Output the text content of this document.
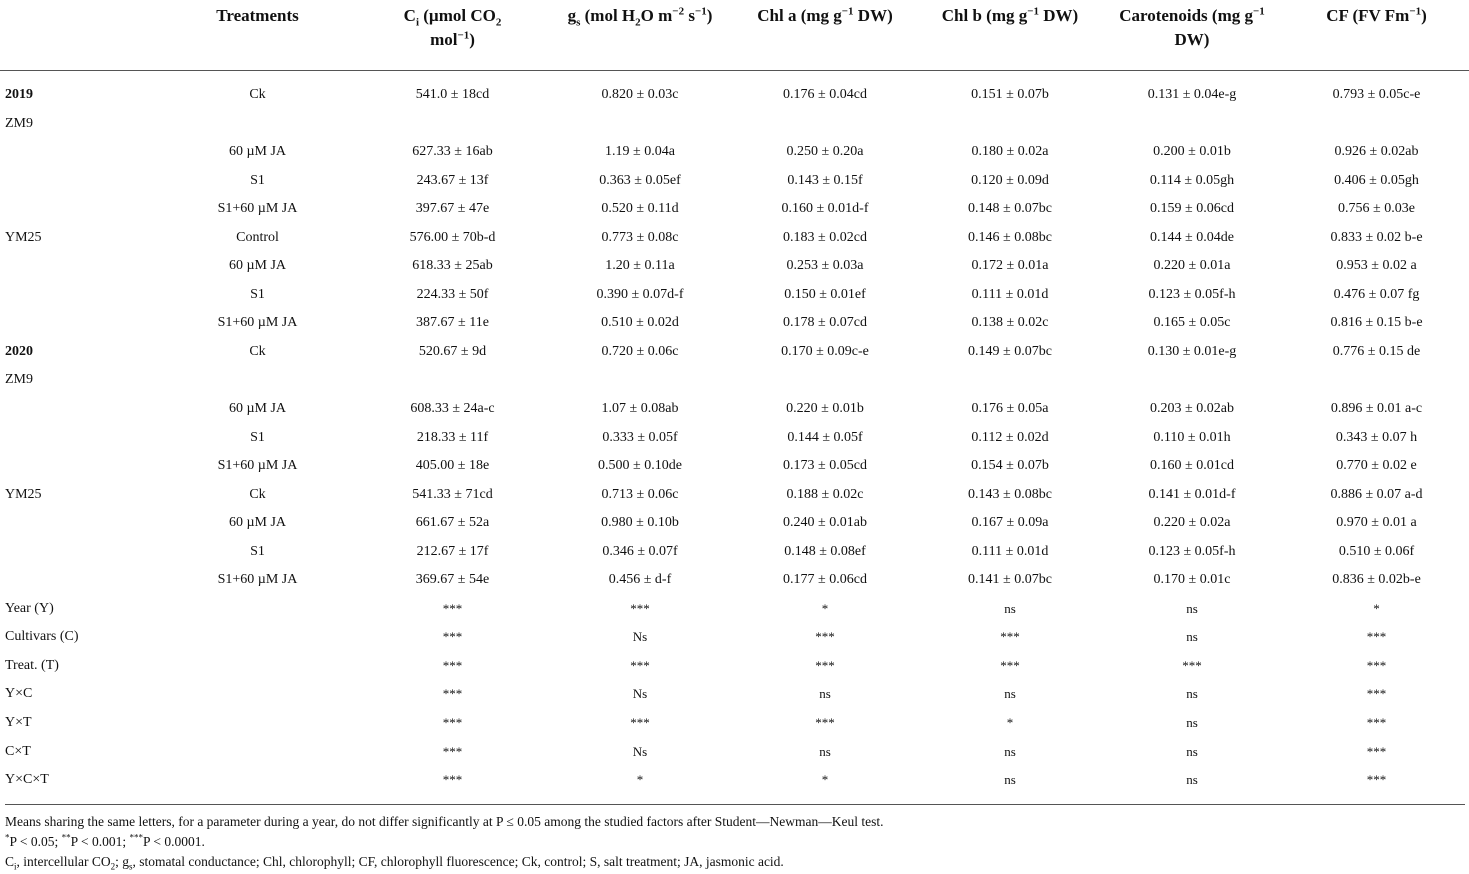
	Treatments	$C_i$ (µmol $CO_2$
mol$^{-1}$)	$g_s$ (mol $H_2O$ $m^{-2}$ $s^{-1}$)	Chl a (mg $g^{-1}$ DW)	Chl b (mg $g^{-1}$ DW)	Carotenoids (mg $g^{-1}$ DW)	CF (FV $Fm^{-1}$)
2019	Ck	541.0 ± 18cd	0.820 ± 0.03c	0.176 ± 0.04cd	0.151 ± 0.07b	0.131 ± 0.04e-g	0.793 ± 0.05c-e
ZM9							
	60 µM JA	627.33 ± 16ab	1.19 ± 0.04a	0.250 ± 0.20a	0.180 ± 0.02a	0.200 ± 0.01b	0.926 ± 0.02ab
	S1	243.67 ± 13f	0.363 ± 0.05ef	0.143 ± 0.15f	0.120 ± 0.09d	0.114 ± 0.05gh	0.406 ± 0.05gh
	S1+60 µM JA	397.67 ± 47e	0.520 ± 0.11d	0.160 ± 0.01d-f	0.148 ± 0.07bc	0.159 ± 0.06cd	0.756 ± 0.03e
YM25	Control	576.00 ± 70b-d	0.773 ± 0.08c	0.183 ± 0.02cd	0.146 ± 0.08bc	0.144 ± 0.04de	0.833 ± 0.02 b-e
	60 µM JA	618.33 ± 25ab	1.20 ± 0.11a	0.253 ± 0.03a	0.172 ± 0.01a	0.220 ± 0.01a	0.953 ± 0.02 a
	S1	224.33 ± 50f	0.390 ± 0.07d-f	0.150 ± 0.01ef	0.111 ± 0.01d	0.123 ± 0.05f-h	0.476 ± 0.07 fg
	S1+60 µM JA	387.67 ± 11e	0.510 ± 0.02d	0.178 ± 0.07cd	0.138 ± 0.02c	0.165 ± 0.05c	0.816 ± 0.15 b-e
2020	Ck	520.67 ± 9d	0.720 ± 0.06c	0.170 ± 0.09c-e	0.149 ± 0.07bc	0.130 ± 0.01e-g	0.776 ± 0.15 de
ZM9							
	60 µM JA	608.33 ± 24a-c	1.07 ± 0.08ab	0.220 ± 0.01b	0.176 ± 0.05a	0.203 ± 0.02ab	0.896 ± 0.01 a-c
	S1	218.33 ± 11f	0.333 ± 0.05f	0.144 ± 0.05f	0.112 ± 0.02d	0.110 ± 0.01h	0.343 ± 0.07 h
	S1+60 µM JA	405.00 ± 18e	0.500 ± 0.10de	0.173 ± 0.05cd	0.154 ± 0.07b	0.160 ± 0.01cd	0.770 ± 0.02 e
YM25	Ck	541.33 ± 71cd	0.713 ± 0.06c	0.188 ± 0.02c	0.143 ± 0.08bc	0.141 ± 0.01d-f	0.886 ± 0.07 a-d
	60 µM JA	661.67 ± 52a	0.980 ± 0.10b	0.240 ± 0.01ab	0.167 ± 0.09a	0.220 ± 0.02a	0.970 ± 0.01 a
	S1	212.67 ± 17f	0.346 ± 0.07f	0.148 ± 0.08ef	0.111 ± 0.01d	0.123 ± 0.05f-h	0.510 ± 0.06f
	S1+60 µM JA	369.67 ± 54e	0.456 ± d-f	0.177 ± 0.06cd	0.141 ± 0.07bc	0.170 ± 0.01c	0.836 ± 0.02b-e
Year (Y)		***	***	*	ns	ns	*
Cultivars (C)		***	Ns	***	***	ns	***
Treat. (T)		***	***	***	***	***	***
Y×C		***	Ns	ns	ns	ns	***
Y×T		***	***	***	*	ns	***
C×T		***	Ns	ns	ns	ns	***
Y×C×T		***	*	*	ns	ns	***

Means sharing the same letters, for a parameter during a year, do not differ significantly at P ≤ 0.05 among the studied factors after Student—Newman—Keul test.

*P < 0.05; **P < 0.001; ***P < 0.0001.

$C_i$, intercellular $CO_2$; $g_s$, stomatal conductance; Chl, chlorophyll; CF, chlorophyll fluorescence; Ck, control; S, salt treatment; JA, jasmonic acid.
